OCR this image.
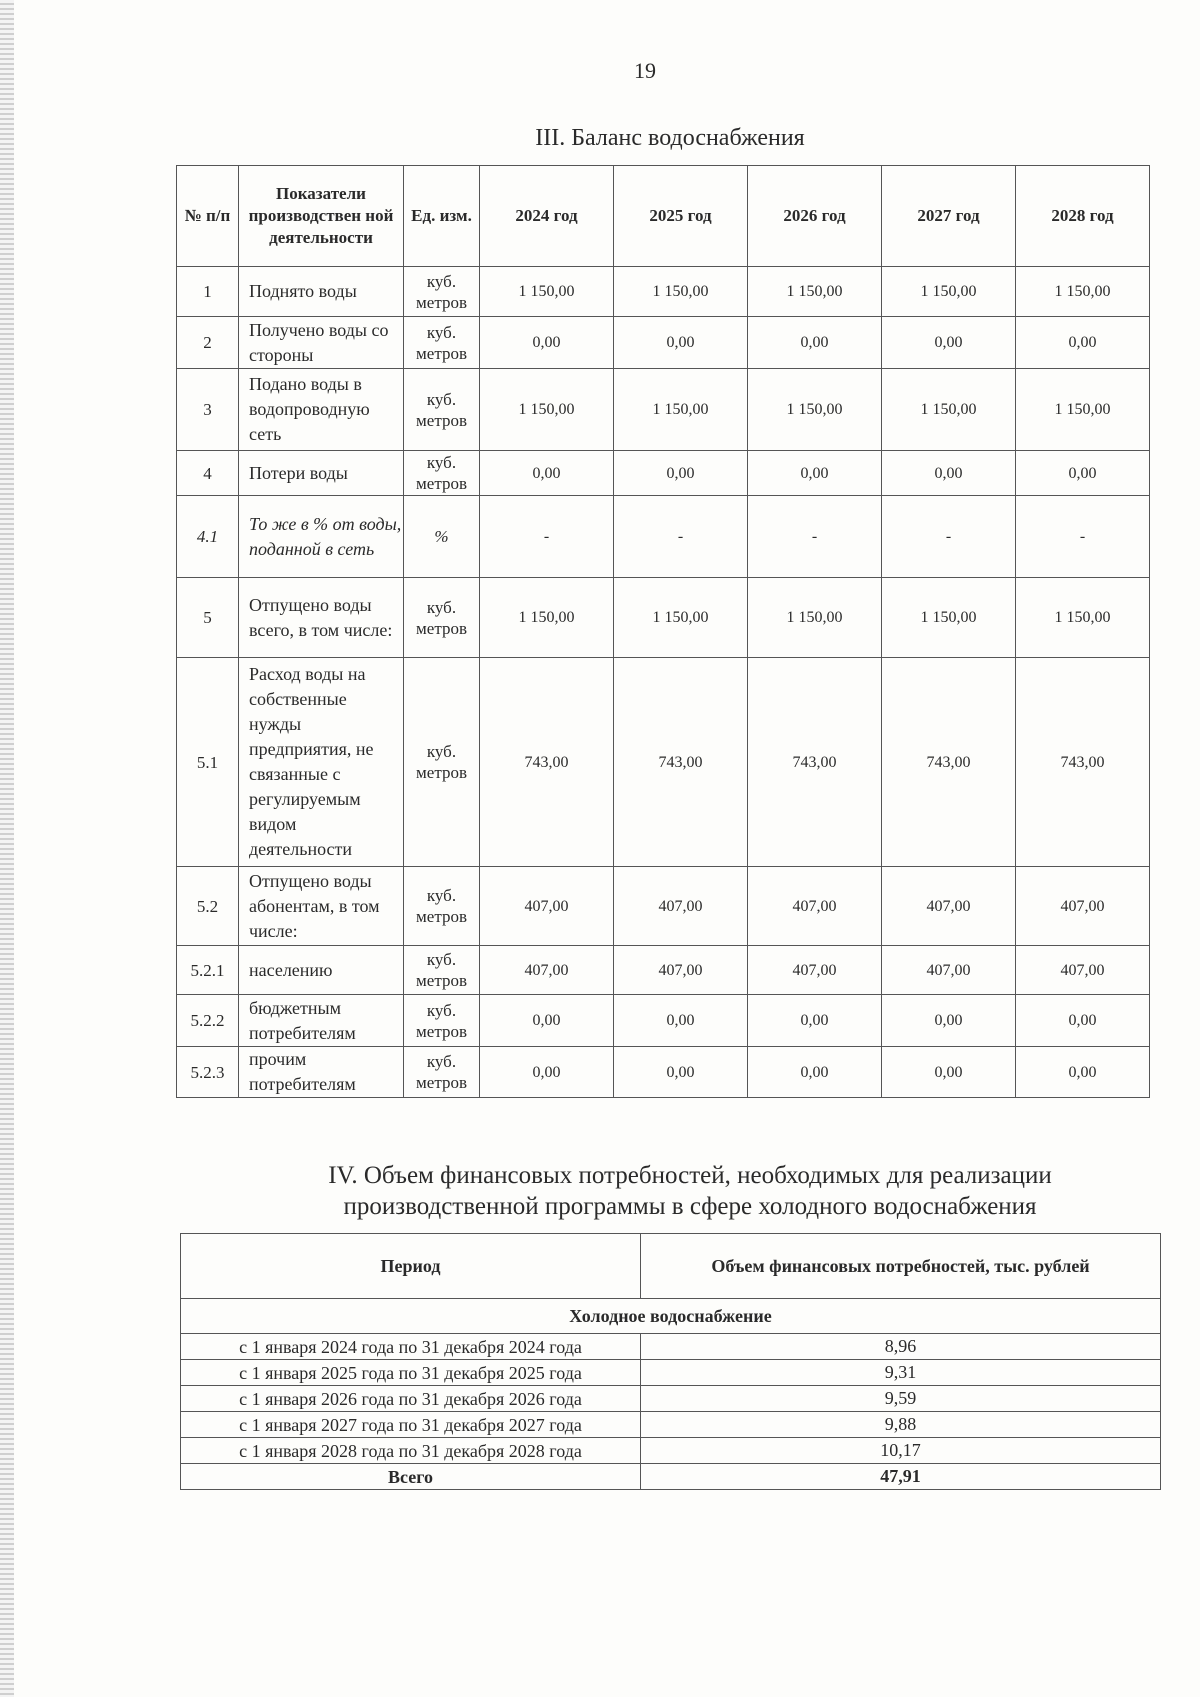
19
III. Баланс водоснабжения
№ п/п	Показатели производствен ной деятельности	Ед. изм.	2024 год	2025 год	2026 год	2027 год	2028 год
1	Поднято воды	куб. метров	1 150,00	1 150,00	1 150,00	1 150,00	1 150,00
2	Получено воды со стороны	куб. метров	0,00	0,00	0,00	0,00	0,00
3	Подано воды в водопроводную сеть	куб. метров	1 150,00	1 150,00	1 150,00	1 150,00	1 150,00
4	Потери воды	куб. метров	0,00	0,00	0,00	0,00	0,00
4.1	То же в % от воды, поданной в сеть	%	-	-	-	-	-
5	Отпущено воды всего, в том числе:	куб. метров	1 150,00	1 150,00	1 150,00	1 150,00	1 150,00
5.1	Расход воды на собственные нужды предприятия, не связанные с регулируемым видом деятельности	куб. метров	743,00	743,00	743,00	743,00	743,00
5.2	Отпущено воды абонентам, в том числе:	куб. метров	407,00	407,00	407,00	407,00	407,00
5.2.1	населению	куб. метров	407,00	407,00	407,00	407,00	407,00
5.2.2	бюджетным потребителям	куб. метров	0,00	0,00	0,00	0,00	0,00
5.2.3	прочим потребителям	куб. метров	0,00	0,00	0,00	0,00	0,00
IV. Объем финансовых потребностей, необходимых для реализации
производственной программы в сфере холодного водоснабжения
Период	Объем финансовых потребностей, тыс. рублей
Холодное водоснабжение	
с 1 января 2024 года по 31 декабря 2024 года	8,96
с 1 января 2025 года по 31 декабря 2025 года	9,31
с 1 января 2026 года по 31 декабря 2026 года	9,59
с 1 января 2027 года по 31 декабря 2027 года	9,88
с 1 января 2028 года по 31 декабря 2028 года	10,17
Всего	47,91
